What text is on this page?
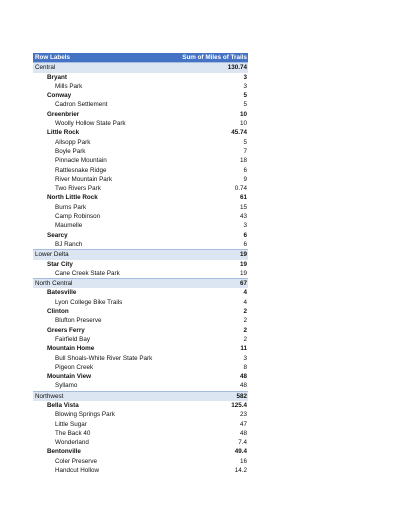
Row Labels	Sum of Miles of Trails
Central	130.74
Bryant	3
Mills Park	3
Conway	5
Cadron Settlement	5
Greenbrier	10
Woolly Hollow State Park	10
Little Rock	45.74
Allsopp Park	5
Boyle Park	7
Pinnacle Mountain	18
Rattlesnake Ridge	6
River Mountain Park	9
Two Rivers Park	0.74
North Little Rock	61
Burns Park	15
Camp Robinson	43
Maumelle	3
Searcy	6
BJ Ranch	6
Lower Delta	19
Star City	19
Cane Creek State Park	19
North Central	67
Batesville	4
Lyon College Bike Trails	4
Clinton	2
Blufton Preserve	2
Greers Ferry	2
Fairfield Bay	2
Mountain Home	11
Bull Shoals-White River State Park	3
Pigeon Creek	8
Mountain View	48
Syllamo	48
Northwest	582
Bella Vista	125.4
Blowing Springs Park	23
Little Sugar	47
The Back 40	48
Wonderland	7.4
Bentonville	49.4
Coler Preserve	16
Handcut Hollow	14.2
